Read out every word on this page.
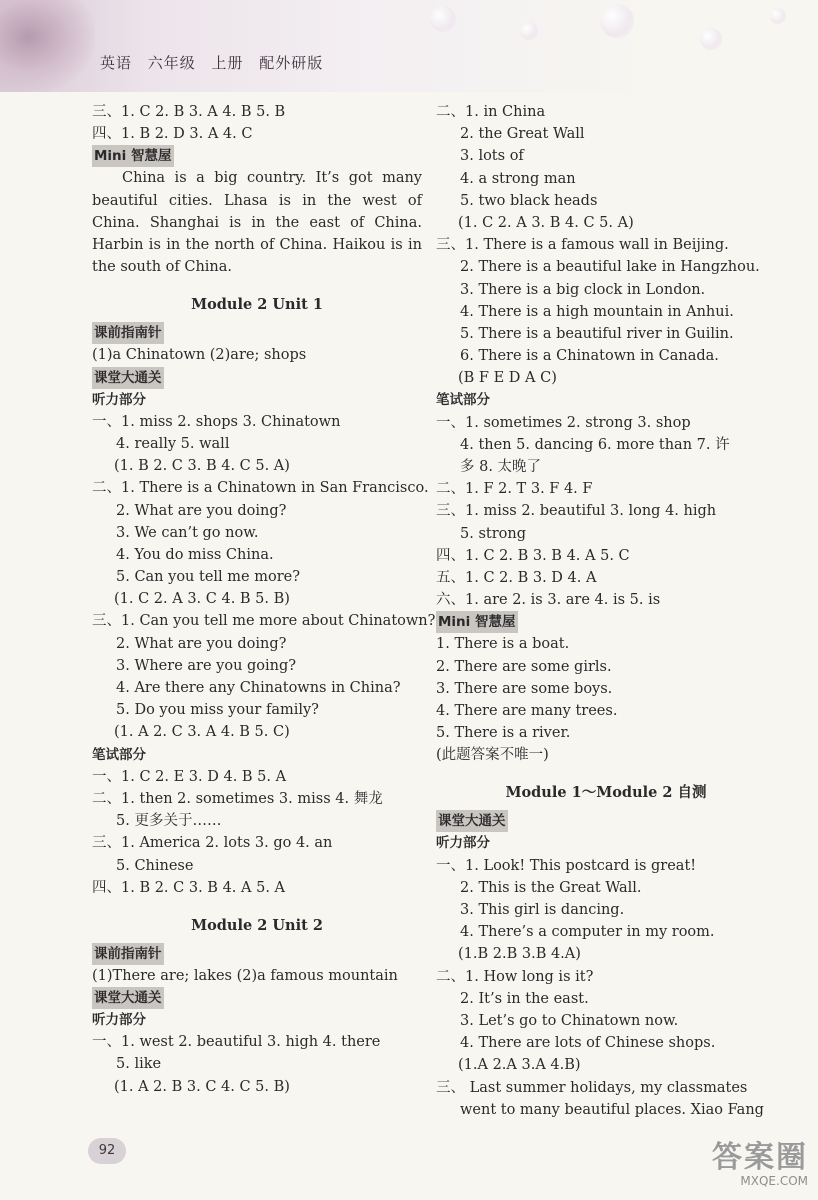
英语 六年级 上册 配外研版
三、1. C 2. B 3. A 4. B 5. B
四、1. B 2. D 3. A 4. C
Mini 智慧屋
China is a big country. It’s got many beautiful cities. Lhasa is in the west of China. Shanghai is in the east of China. Harbin is in the north of China. Haikou is in the south of China.
Module 2 Unit 1
课前指南针
(1)a Chinatown (2)are; shops
课堂大通关
听力部分
一、1. miss 2. shops 3. Chinatown
4. really 5. wall
(1. B 2. C 3. B 4. C 5. A)
二、1. There is a Chinatown in San Francisco.
2. What are you doing?
3. We can’t go now.
4. You do miss China.
5. Can you tell me more?
(1. C 2. A 3. C 4. B 5. B)
三、1. Can you tell me more about Chinatown?
2. What are you doing?
3. Where are you going?
4. Are there any Chinatowns in China?
5. Do you miss your family?
(1. A 2. C 3. A 4. B 5. C)
笔试部分
一、1. C 2. E 3. D 4. B 5. A
二、1. then 2. sometimes 3. miss 4. 舞龙
5. 更多关于……
三、1. America 2. lots 3. go 4. an
5. Chinese
四、1. B 2. C 3. B 4. A 5. A
Module 2 Unit 2
课前指南针
(1)There are; lakes (2)a famous mountain
课堂大通关
听力部分
一、1. west 2. beautiful 3. high 4. there
5. like
(1. A 2. B 3. C 4. C 5. B)
二、1. in China
2. the Great Wall
3. lots of
4. a strong man
5. two black heads
(1. C 2. A 3. B 4. C 5. A)
三、1. There is a famous wall in Beijing.
2. There is a beautiful lake in Hangzhou.
3. There is a big clock in London.
4. There is a high mountain in Anhui.
5. There is a beautiful river in Guilin.
6. There is a Chinatown in Canada.
(B F E D A C)
笔试部分
一、1. sometimes 2. strong 3. shop
4. then 5. dancing 6. more than 7. 许
多 8. 太晚了
二、1. F 2. T 3. F 4. F
三、1. miss 2. beautiful 3. long 4. high
5. strong
四、1. C 2. B 3. B 4. A 5. C
五、1. C 2. B 3. D 4. A
六、1. are 2. is 3. are 4. is 5. is
Mini 智慧屋
1. There is a boat.
2. There are some girls.
3. There are some boys.
4. There are many trees.
5. There is a river.
(此题答案不唯一)
Module 1～Module 2 自测
课堂大通关
听力部分
一、1. Look! This postcard is great!
2. This is the Great Wall.
3. This girl is dancing.
4. There’s a computer in my room.
(1.B 2.B 3.B 4.A)
二、1. How long is it?
2. It’s in the east.
3. Let’s go to Chinatown now.
4. There are lots of Chinese shops.
(1.A 2.A 3.A 4.B)
三、 Last summer holidays, my classmates
went to many beautiful places. Xiao Fang
92	答案圈
MXQE.COM
